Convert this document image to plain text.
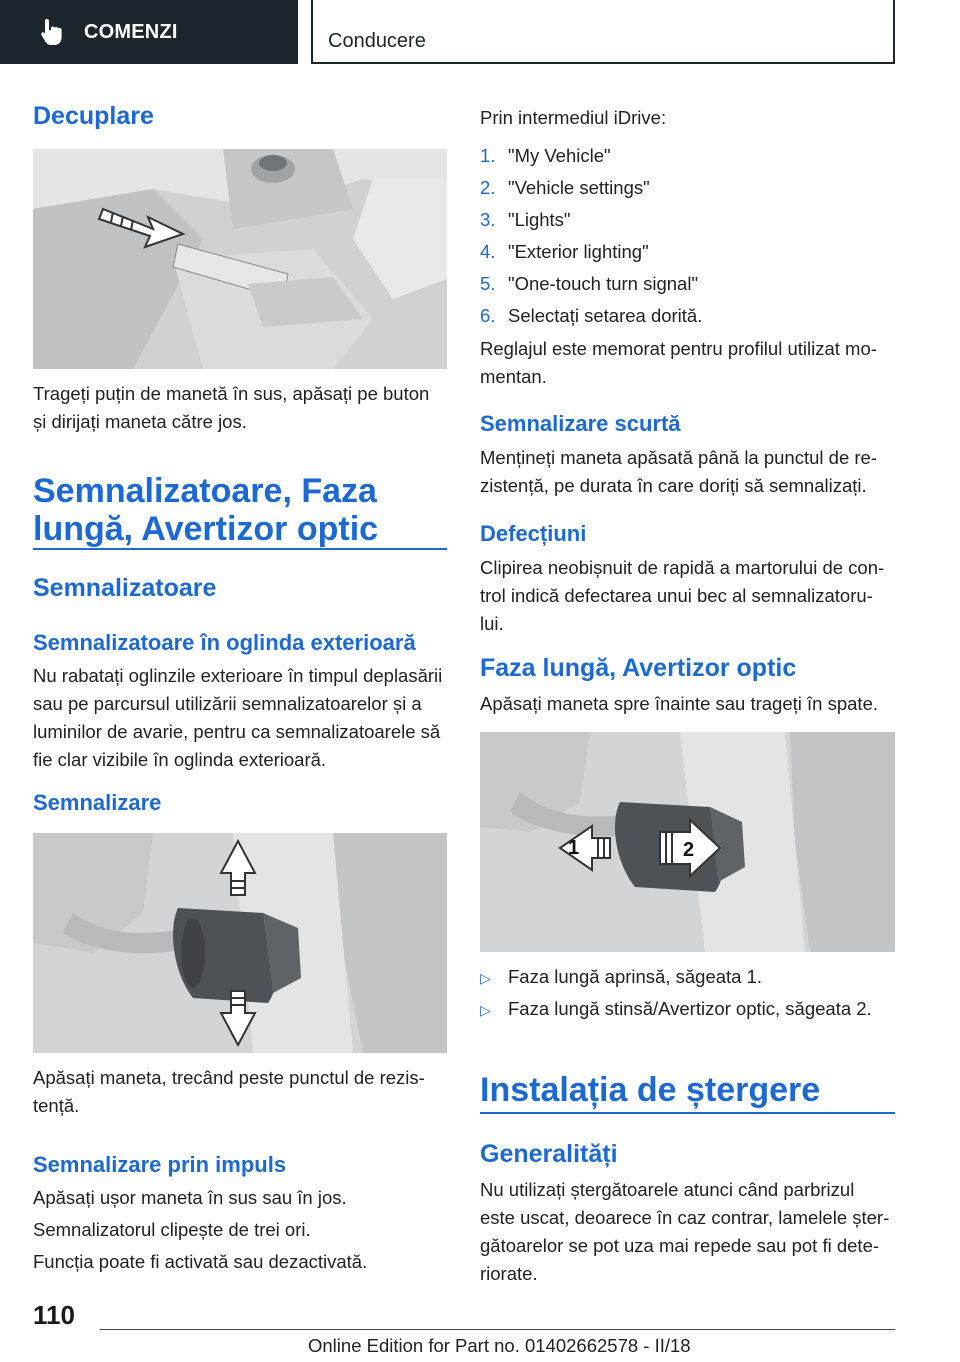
COMENZI	Conducere
Decuplare
Trageți puțin de manetă în sus, apăsați pe buton
și dirijați maneta către jos.
Semnalizatoare, Faza
lungă, Avertizor optic
Semnalizatoare
Semnalizatoare în oglinda exterioară
Nu rabatați oglinzile exterioare în timpul deplasării
sau pe parcursul utilizării semnalizatoarelor și a
luminilor de avarie, pentru ca semnalizatoarele să
fie clar vizibile în oglinda exterioară.
Semnalizare
Apăsați maneta, trecând peste punctul de rezis-
tență.
Semnalizare prin impuls
Apăsați ușor maneta în sus sau în jos.
Semnalizatorul clipește de trei ori.
Funcția poate fi activată sau dezactivată.
Prin intermediul iDrive:
1. "My Vehicle"
2. "Vehicle settings"
3. "Lights"
4. "Exterior lighting"
5. "One-touch turn signal"
6. Selectați setarea dorită.
Reglajul este memorat pentru profilul utilizat mo-
mentan.
Semnalizare scurtă
Mențineți maneta apăsată până la punctul de re-
zistență, pe durata în care doriți să semnalizați.
Defecțiuni
Clipirea neobișnuit de rapidă a martorului de con-
trol indică defectarea unui bec al semnalizatoru-
lui.
Faza lungă, Avertizor optic
Apăsați maneta spre înainte sau trageți în spate.
1	2
▷ Faza lungă aprinsă, săgeata 1.
▷ Faza lungă stinsă/Avertizor optic, săgeata 2.
Instalația de ștergere
Generalități
Nu utilizați ștergătoarele atunci când parbrizul
este uscat, deoarece în caz contrar, lamelele șter-
gătoarelor se pot uza mai repede sau pot fi dete-
riorate.
110
Online Edition for Part no. 01402662578 - II/18
